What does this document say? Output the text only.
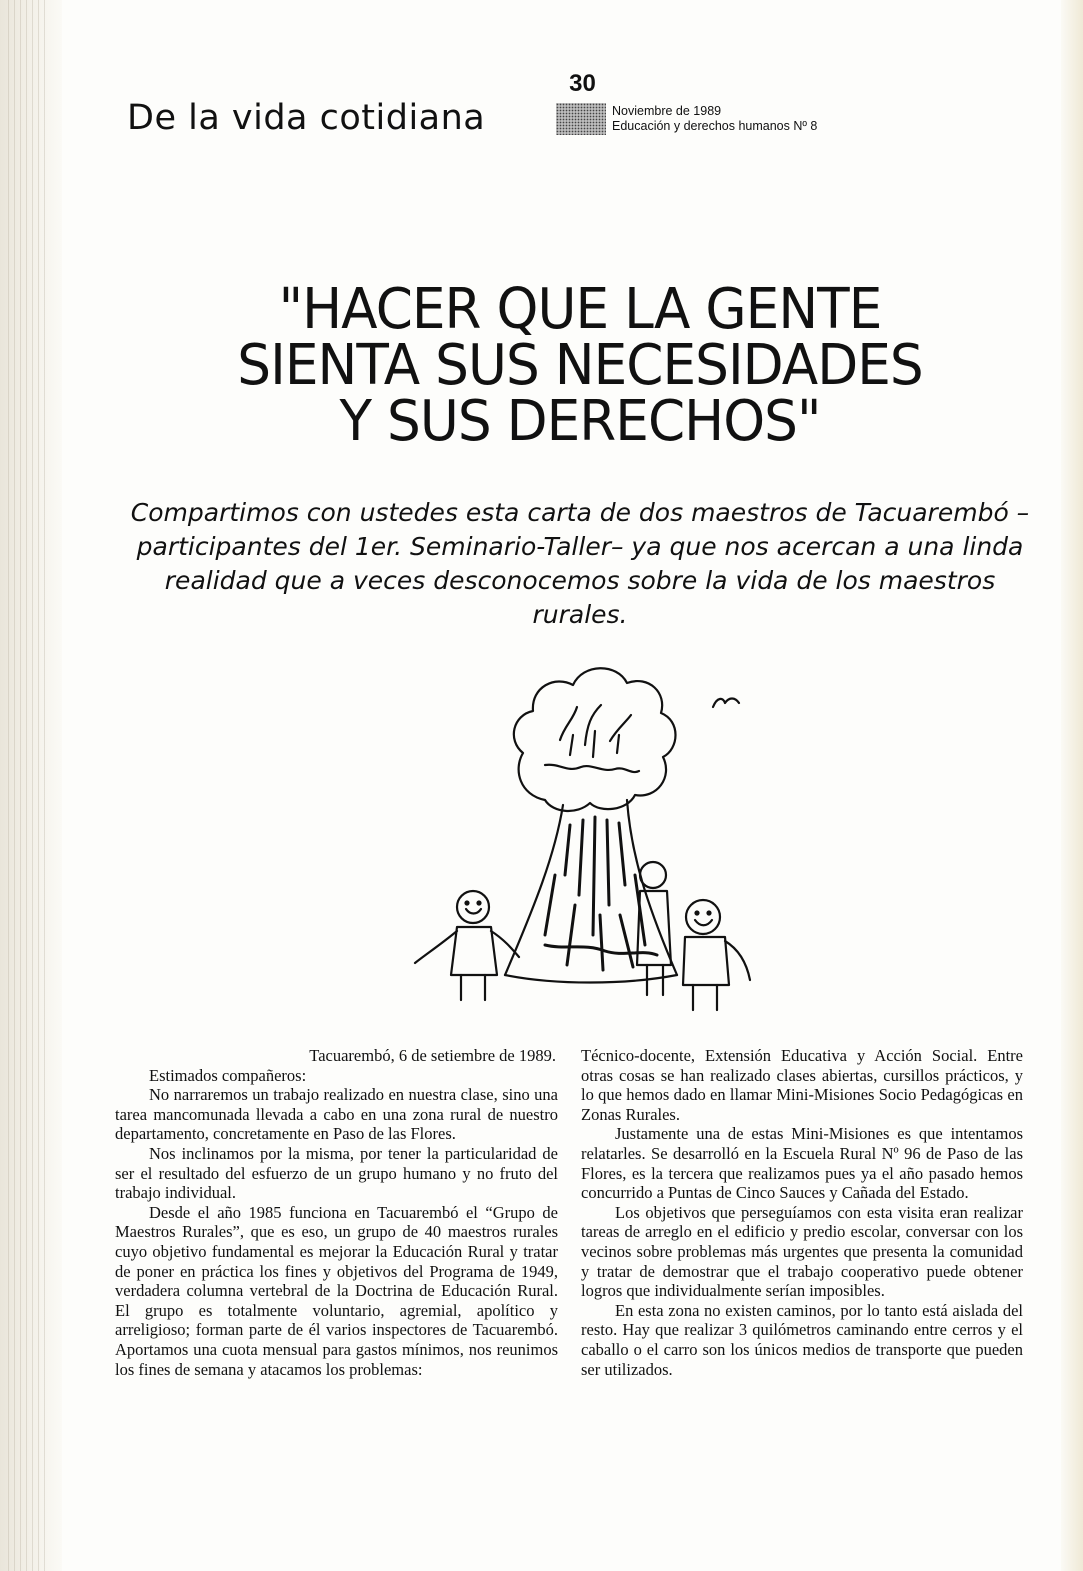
30
De la vida cotidiana	Noviembre de 1989
Educación y derechos humanos Nº 8
"HACER QUE LA GENTE
SIENTA SUS NECESIDADES
Y SUS DERECHOS"
Compartimos con ustedes esta carta de dos maestros de Tacuarembó –participantes del 1er. Seminario-Taller– ya que nos acercan a una linda realidad que a veces desconocemos sobre la vida de los maestros rurales.

Tacuarembó, 6 de setiembre de 1989.

Estimados compañeros:

No narraremos un trabajo realizado en nuestra clase, sino una tarea mancomunada llevada a cabo en una zona rural de nuestro departamento, concretamente en Paso de las Flores.

Nos inclinamos por la misma, por tener la particularidad de ser el resultado del esfuerzo de un grupo humano y no fruto del trabajo individual.

Desde el año 1985 funciona en Tacuarembó el “Grupo de Maestros Rurales”, que es eso, un grupo de 40 maestros rurales cuyo objetivo fundamental es mejorar la Educación Rural y tratar de poner en práctica los fines y objetivos del Programa de 1949, verdadera columna vertebral de la Doctrina de Educación Rural. El grupo es totalmente voluntario, agremial, apolítico y arreligioso; forman parte de él varios inspectores de Tacuarembó. Aportamos una cuota mensual para gastos mínimos, nos reunimos los fines de semana y atacamos los problemas:

Técnico-docente, Extensión Educativa y Acción Social. Entre otras cosas se han realizado clases abiertas, cursillos prácticos, y lo que hemos dado en llamar Mini-Misiones Socio Pedagógicas en Zonas Rurales.

Justamente una de estas Mini-Misiones es que intentamos relatarles. Se desarrolló en la Escuela Rural Nº 96 de Paso de las Flores, es la tercera que realizamos pues ya el año pasado hemos concurrido a Puntas de Cinco Sauces y Cañada del Estado.

Los objetivos que perseguíamos con esta visita eran realizar tareas de arreglo en el edificio y predio escolar, conversar con los vecinos sobre problemas más urgentes que presenta la comunidad y tratar de demostrar que el trabajo cooperativo puede obtener logros que individualmente serían imposibles.

En esta zona no existen caminos, por lo tanto está aislada del resto. Hay que realizar 3 quilómetros caminando entre cerros y el caballo o el carro son los únicos medios de transporte que pueden ser utilizados.
